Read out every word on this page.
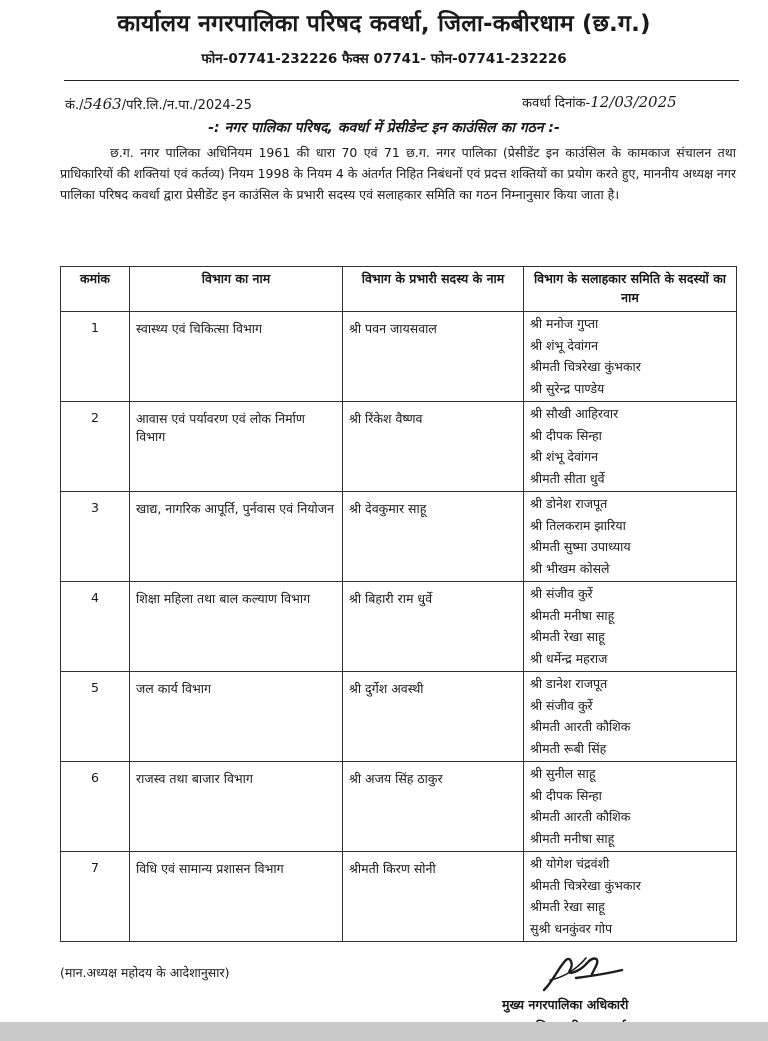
कार्यालय नगरपालिका परिषद कवर्धा, जिला-कबीरधाम (छ.ग.)
फोन-07741-232226 फैक्स 07741- फोन-07741-232226
कं./5463/परि.लि./न.पा./2024-25	कवर्धा दिनांक-12/03/2025
-: नगर पालिका परिषद, कवर्धा में प्रेसीडेन्ट इन काउंसिल का गठन :-
छ.ग. नगर पालिका अधिनियम 1961 की धारा 70 एवं 71 छ.ग. नगर पालिका (प्रेसीडेंट इन काउंसिल के कामकाज संचालन तथा प्राधिकारियों की शक्तियां एवं कर्तव्य) नियम 1998 के नियम 4 के अंतर्गत निहित निबंधनों एवं प्रदत्त शक्तियों का प्रयोग करते हुए, माननीय अध्यक्ष नगर पालिका परिषद कवर्धा द्वारा प्रेसीडेंट इन काउंसिल के प्रभारी सदस्य एवं सलाहकार समिति का गठन निम्नानुसार किया जाता है।
कमांक	विभाग का नाम	विभाग के प्रभारी सदस्य के नाम	विभाग के सलाहकार समिति के सदस्यों का नाम
1	स्वास्थ्य एवं चिकित्सा विभाग	श्री पवन जायसवाल	श्री मनोज गुप्ता
श्री शंभू देवांगन
श्रीमती चित्ररेखा कुंभकार
श्री सुरेन्द्र पाण्डेय

2	आवास एवं पर्यावरण एवं लोक निर्माण विभाग	श्री रिंकेश वैष्णव	श्री सौखी आहिरवार
श्री दीपक सिन्हा
श्री शंभू देवांगन
श्रीमती सीता धुर्वे

3	खाद्य, नागरिक आपूर्ति, पुर्नवास एवं नियोजन	श्री देवकुमार साहू	श्री डोनेश राजपूत
श्री तिलकराम झारिया
श्रीमती सुष्मा उपाध्याय
श्री भीखम कोसले

4	शिक्षा महिला तथा बाल कल्याण विभाग	श्री बिहारी राम धुर्वे	श्री संजीव कुर्रे
श्रीमती मनीषा साहू
श्रीमती रेखा साहू
श्री धर्मेन्द्र महराज

5	जल कार्य विभाग	श्री दुर्गेश अवस्थी	श्री डानेश राजपूत
श्री संजीव कुर्रे
श्रीमती आरती कौशिक
श्रीमती रूबी सिंह

6	राजस्व तथा बाजार विभाग	श्री अजय सिंह ठाकुर	श्री सुनील साहू
श्री दीपक सिन्हा
श्रीमती आरती कौशिक
श्रीमती मनीषा साहू

7	विधि एवं सामान्य प्रशासन विभाग	श्रीमती किरण सोनी	श्री योगेश चंद्रवंशी
श्रीमती चित्ररेखा कुंभकार
श्रीमती रेखा साहू
सुश्री धनकुंवर गोप
(मान.अध्यक्ष महोदय के आदेशानुसार)
मुख्य नगरपालिका अधिकारी
